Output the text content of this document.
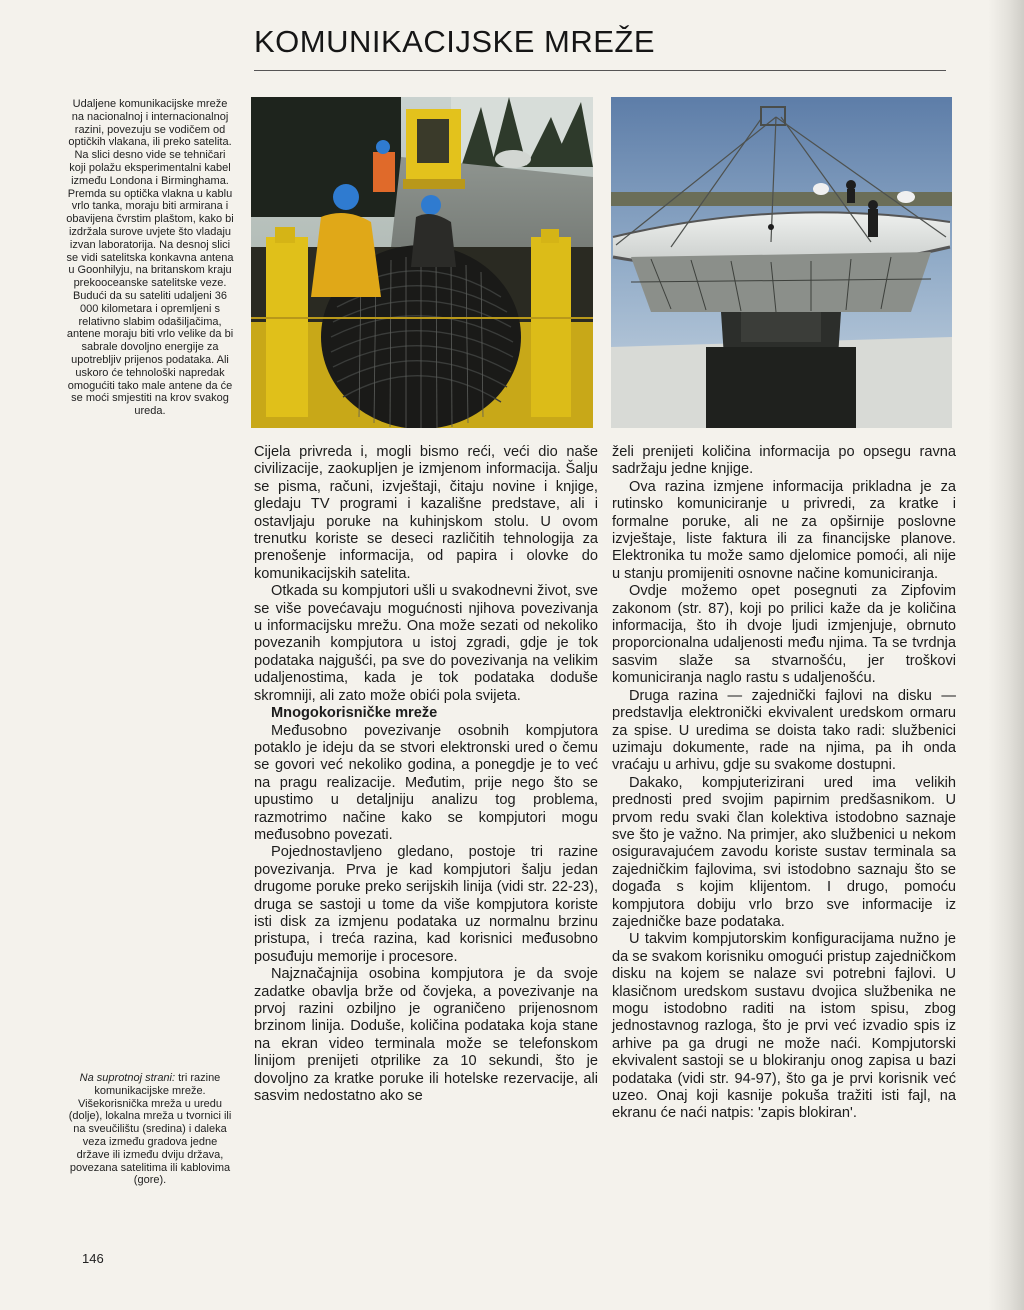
KOMUNIKACIJSKE MREŽE

Udaljene komunikacijske mreže na nacionalnoj i internacionalnoj razini, povezuju se vodičem od optičkih vlakana, ili preko satelita. Na slici desno vide se tehničari koji polažu eksperimentalni kabel između Londona i Birminghama. Premda su optička vlakna u kablu vrlo tanka, moraju biti armirana i obavijena čvrstim plaštom, kako bi izdržala surove uvjete što vladaju izvan laboratorija. Na desnoj slici se vidi satelitska konkavna antena u Goonhilyju, na britanskom kraju prekooceanske satelitske veze. Budući da su sateliti udaljeni 36 000 kilometara i opremljeni s relativno slabim odašiljačima, antene moraju biti vrlo velike da bi sabrale dovoljno energije za upotrebljiv prijenos podataka. Ali uskoro će tehnološki napredak omogućiti tako male antene da će se moći smjestiti na krov svakog ureda.

Cijela privreda i, mogli bismo reći, veći dio naše civilizacije, zaokupljen je izmjenom informacija. Šalju se pisma, računi, izvještaji, čitaju novine i knjige, gledaju TV programi i kazališne predstave, ali i ostavljaju poruke na kuhinjskom stolu. U ovom trenutku koriste se deseci različitih tehnologija za prenošenje informacija, od papira i olovke do komunikacijskih satelita.

Otkada su kompjutori ušli u svakodnevni život, sve se više povećavaju mogućnosti njihova povezivanja u informacijsku mrežu. Ona može sezati od nekoliko povezanih kompjutora u istoj zgradi, gdje je tok podataka najgušći, pa sve do povezivanja na velikim udaljenostima, kada je tok podataka doduše skromniji, ali zato može obići pola svijeta.

Mnogokorisničke mreže

Međusobno povezivanje osobnih kompjutora potaklo je ideju da se stvori elektronski ured o čemu se govori već nekoliko godina, a ponegdje je to već na pragu realizacije. Međutim, prije nego što se upustimo u detaljniju analizu tog problema, razmotrimo načine kako se kompjutori mogu međusobno povezati.

Pojednostavljeno gledano, postoje tri razine povezivanja. Prva je kad kompjutori šalju jedan drugome poruke preko serijskih linija (vidi str. 22-23), druga se sastoji u tome da više kompjutora koriste isti disk za izmjenu podataka uz normalnu brzinu pristupa, i treća razina, kad korisnici međusobno posuđuju memorije i procesore.

Najznačajnija osobina kompjutora je da svoje zadatke obavlja brže od čovjeka, a povezivanje na prvoj razini ozbiljno je ograničeno prijenosnom brzinom linija. Doduše, količina podataka koja stane na ekran video terminala može se telefonskom linijom prenijeti otprilike za 10 sekundi, što je dovoljno za kratke poruke ili hotelske rezervacije, ali sasvim nedostatno ako se

želi prenijeti količina informacija po opsegu ravna sadržaju jedne knjige.

Ova razina izmjene informacija prikladna je za rutinsko komuniciranje u privredi, za kratke i formalne poruke, ali ne za opširnije poslovne izvještaje, liste faktura ili za financijske planove. Elektronika tu može samo djelomice pomoći, ali nije u stanju promijeniti osnovne načine komuniciranja.

Ovdje možemo opet posegnuti za Zipfovim zakonom (str. 87), koji po prilici kaže da je količina informacija, što ih dvoje ljudi izmjenjuje, obrnuto proporcionalna udaljenosti među njima. Ta se tvrdnja sasvim slaže sa stvarnošću, jer troškovi komuniciranja naglo rastu s udaljenošću.

Druga razina — zajednički fajlovi na disku — predstavlja elektronički ekvivalent uredskom ormaru za spise. U uredima se doista tako radi: službenici uzimaju dokumente, rade na njima, pa ih onda vraćaju u arhivu, gdje su svakome dostupni.

Dakako, kompjuterizirani ured ima velikih prednosti pred svojim papirnim predšasnikom. U prvom redu svaki član kolektiva istodobno saznaje sve što je važno. Na primjer, ako službenici u nekom osiguravajućem zavodu koriste sustav terminala sa zajedničkim fajlovima, svi istodobno saznaju što se događa s kojim klijentom. I drugo, pomoću kompjutora dobiju vrlo brzo sve informacije iz zajedničke baze podataka.

U takvim kompjutorskim konfiguracijama nužno je da se svakom korisniku omogući pristup zajedničkom disku na kojem se nalaze svi potrebni fajlovi. U klasičnom uredskom sustavu dvojica službenika ne mogu istodobno raditi na istom spisu, zbog jednostavnog razloga, što je prvi već izvadio spis iz arhive pa ga drugi ne može naći. Kompjutorski ekvivalent sastoji se u blokiranju onog zapisa u bazi podataka (vidi str. 94-97), što ga je prvi korisnik već uzeo. Onaj koji kasnije pokuša tražiti isti fajl, na ekranu će naći natpis: 'zapis blokiran'.

Na suprotnoj strani: tri razine komunikacijske mreže. Višekorisnička mreža u uredu (dolje), lokalna mreža u tvornici ili na sveučilištu (sredina) i daleka veza između gradova jedne države ili između dviju država, povezana satelitima ili kablovima (gore).

146
